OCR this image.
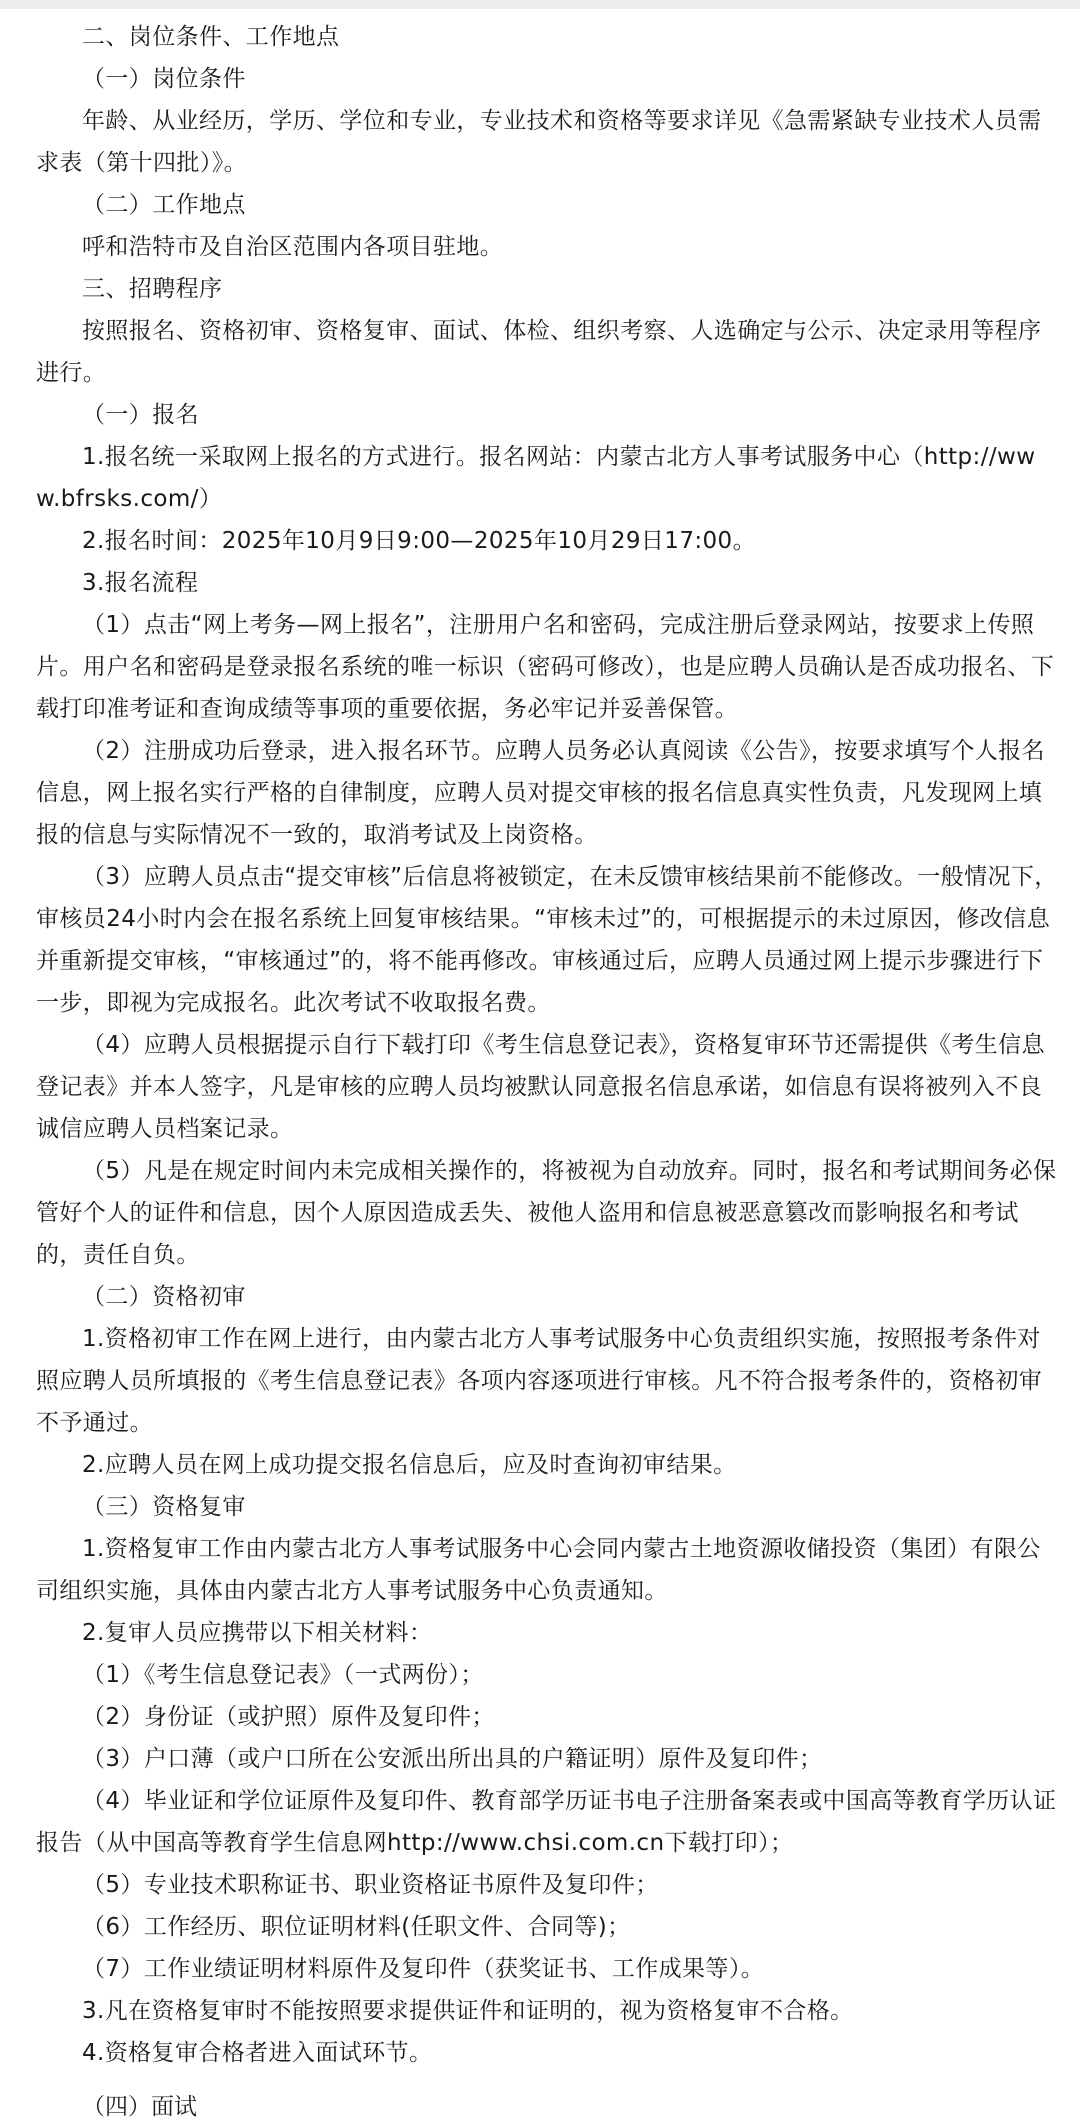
二、岗位条件、工作地点

（一）岗位条件

年龄、从业经历，学历、学位和专业，专业技术和资格等要求详见《急需紧缺专业技术人员需求表（第十四批）》。

（二）工作地点

呼和浩特市及自治区范围内各项目驻地。

三、招聘程序

按照报名、资格初审、资格复审、面试、体检、组织考察、人选确定与公示、决定录用等程序进行。

（一）报名

1.报名统一采取网上报名的方式进行。报名网站：内蒙古北方人事考试服务中心（http://www.bfrsks.com/）

2.报名时间：2025年10月9日9:00—2025年10月29日17:00。

3.报名流程

（1）点击“网上考务—网上报名”，注册用户名和密码，完成注册后登录网站，按要求上传照片。用户名和密码是登录报名系统的唯一标识（密码可修改），也是应聘人员确认是否成功报名、下载打印准考证和查询成绩等事项的重要依据，务必牢记并妥善保管。

（2）注册成功后登录，进入报名环节。应聘人员务必认真阅读《公告》，按要求填写个人报名信息，网上报名实行严格的自律制度，应聘人员对提交审核的报名信息真实性负责，凡发现网上填报的信息与实际情况不一致的，取消考试及上岗资格。

（3）应聘人员点击“提交审核”后信息将被锁定，在未反馈审核结果前不能修改。一般情况下，审核员24小时内会在报名系统上回复审核结果。“审核未过”的，可根据提示的未过原因，修改信息并重新提交审核，“审核通过”的，将不能再修改。审核通过后，应聘人员通过网上提示步骤进行下一步，即视为完成报名。此次考试不收取报名费。

（4）应聘人员根据提示自行下载打印《考生信息登记表》，资格复审环节还需提供《考生信息登记表》并本人签字，凡是审核的应聘人员均被默认同意报名信息承诺，如信息有误将被列入不良诚信应聘人员档案记录。

（5）凡是在规定时间内未完成相关操作的，将被视为自动放弃。同时，报名和考试期间务必保管好个人的证件和信息，因个人原因造成丢失、被他人盗用和信息被恶意篡改而影响报名和考试的，责任自负。

（二）资格初审

1.资格初审工作在网上进行，由内蒙古北方人事考试服务中心负责组织实施，按照报考条件对照应聘人员所填报的《考生信息登记表》各项内容逐项进行审核。凡不符合报考条件的，资格初审不予通过。

2.应聘人员在网上成功提交报名信息后，应及时查询初审结果。

（三）资格复审

1.资格复审工作由内蒙古北方人事考试服务中心会同内蒙古土地资源收储投资（集团）有限公司组织实施，具体由内蒙古北方人事考试服务中心负责通知。

2.复审人员应携带以下相关材料：

（1）《考生信息登记表》（一式两份）；

（2）身份证（或护照）原件及复印件；

（3）户口薄（或户口所在公安派出所出具的户籍证明）原件及复印件；

（4）毕业证和学位证原件及复印件、教育部学历证书电子注册备案表或中国高等教育学历认证报告（从中国高等教育学生信息网http://www.chsi.com.cn下载打印）；

（5）专业技术职称证书、职业资格证书原件及复印件；

（6）工作经历、职位证明材料(任职文件、合同等)；

（7）工作业绩证明材料原件及复印件（获奖证书、工作成果等）。

3.凡在资格复审时不能按照要求提供证件和证明的，视为资格复审不合格。

4.资格复审合格者进入面试环节。

（四）面试
